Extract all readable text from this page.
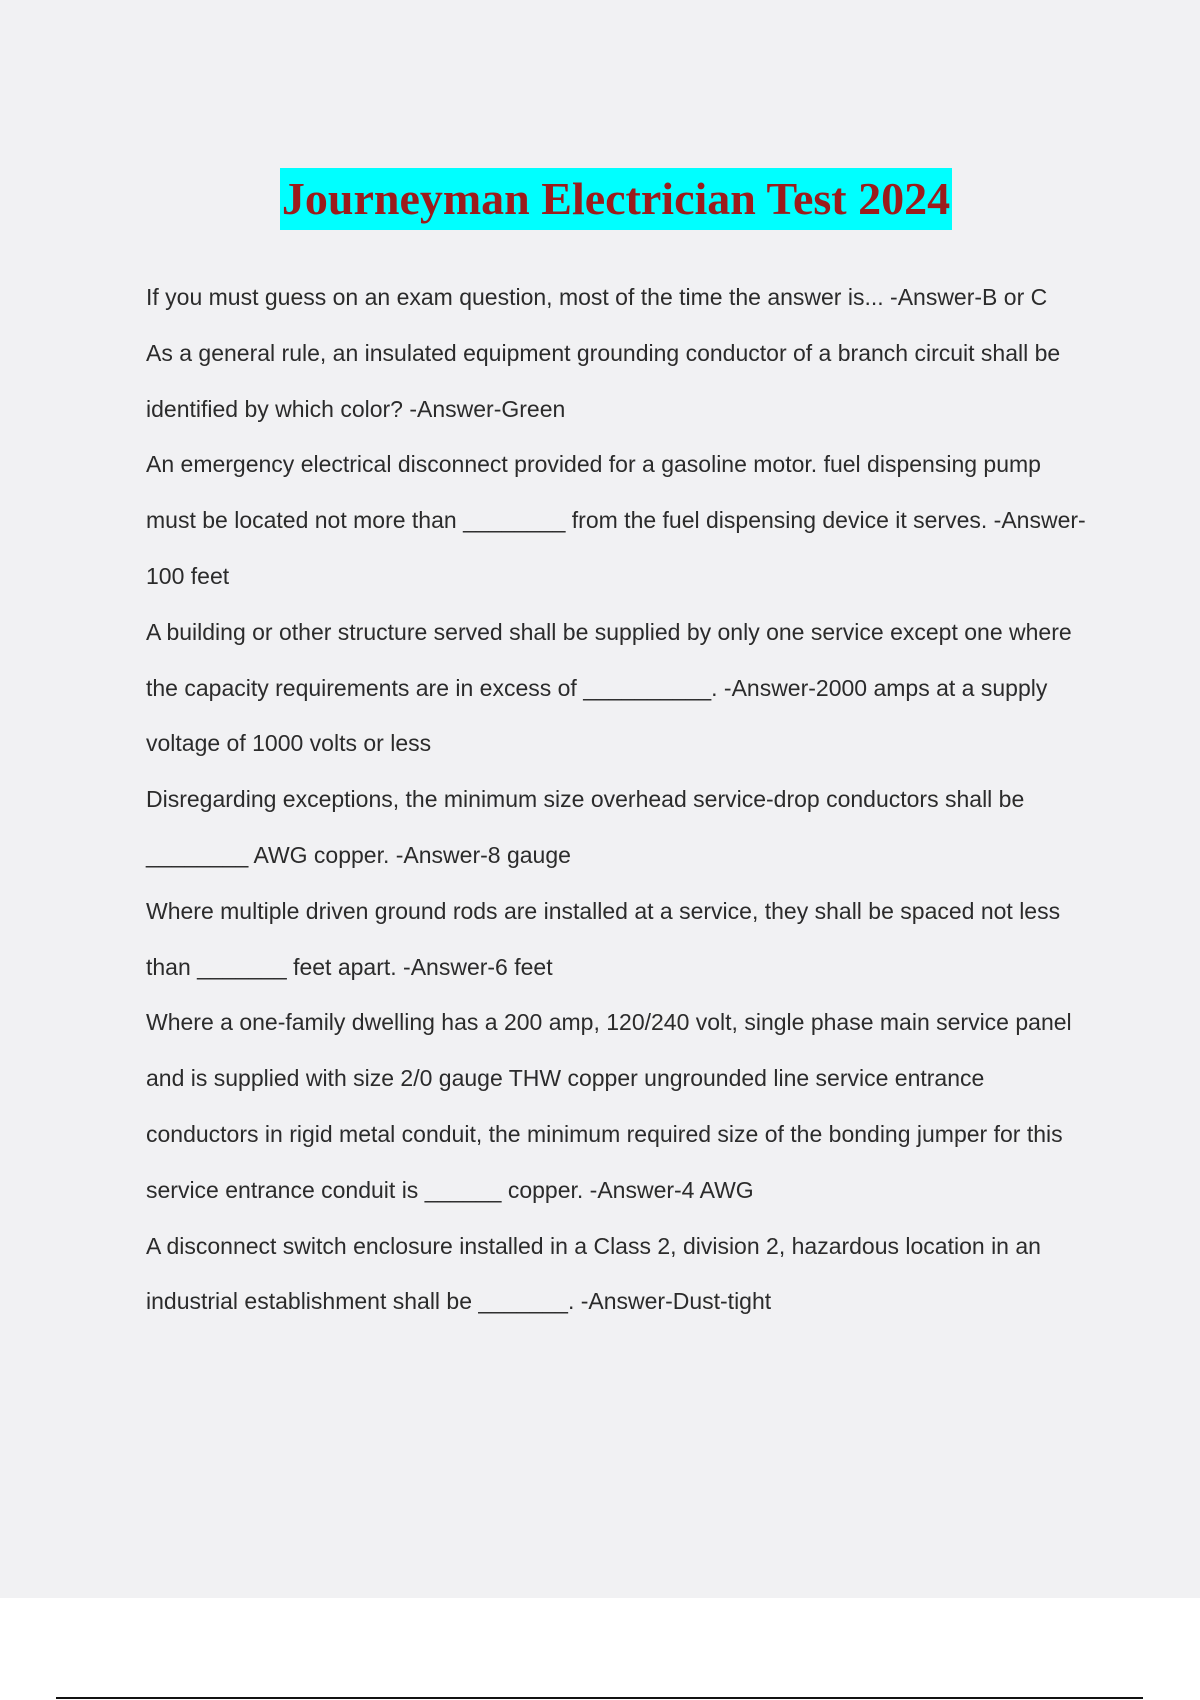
Journeyman Electrician Test 2024
If you must guess on an exam question, most of the time the answer is... -Answer-B or C
As a general rule, an insulated equipment grounding conductor of a branch circuit shall be identified by which color? -Answer-Green
An emergency electrical disconnect provided for a gasoline motor. fuel dispensing pump must be located not more than ________ from the fuel dispensing device it serves. -Answer-100 feet
A building or other structure served shall be supplied by only one service except one where the capacity requirements are in excess of __________. -Answer-2000 amps at a supply voltage of 1000 volts or less
Disregarding exceptions, the minimum size overhead service-drop conductors shall be ________ AWG copper. -Answer-8 gauge
Where multiple driven ground rods are installed at a service, they shall be spaced not less than _______ feet apart. -Answer-6 feet
Where a one-family dwelling has a 200 amp, 120/240 volt, single phase main service panel and is supplied with size 2/0 gauge THW copper ungrounded line service entrance conductors in rigid metal conduit, the minimum required size of the bonding jumper for this service entrance conduit is ______ copper. -Answer-4 AWG
A disconnect switch enclosure installed in a Class 2, division 2, hazardous location in an industrial establishment shall be _______. -Answer-Dust-tight
